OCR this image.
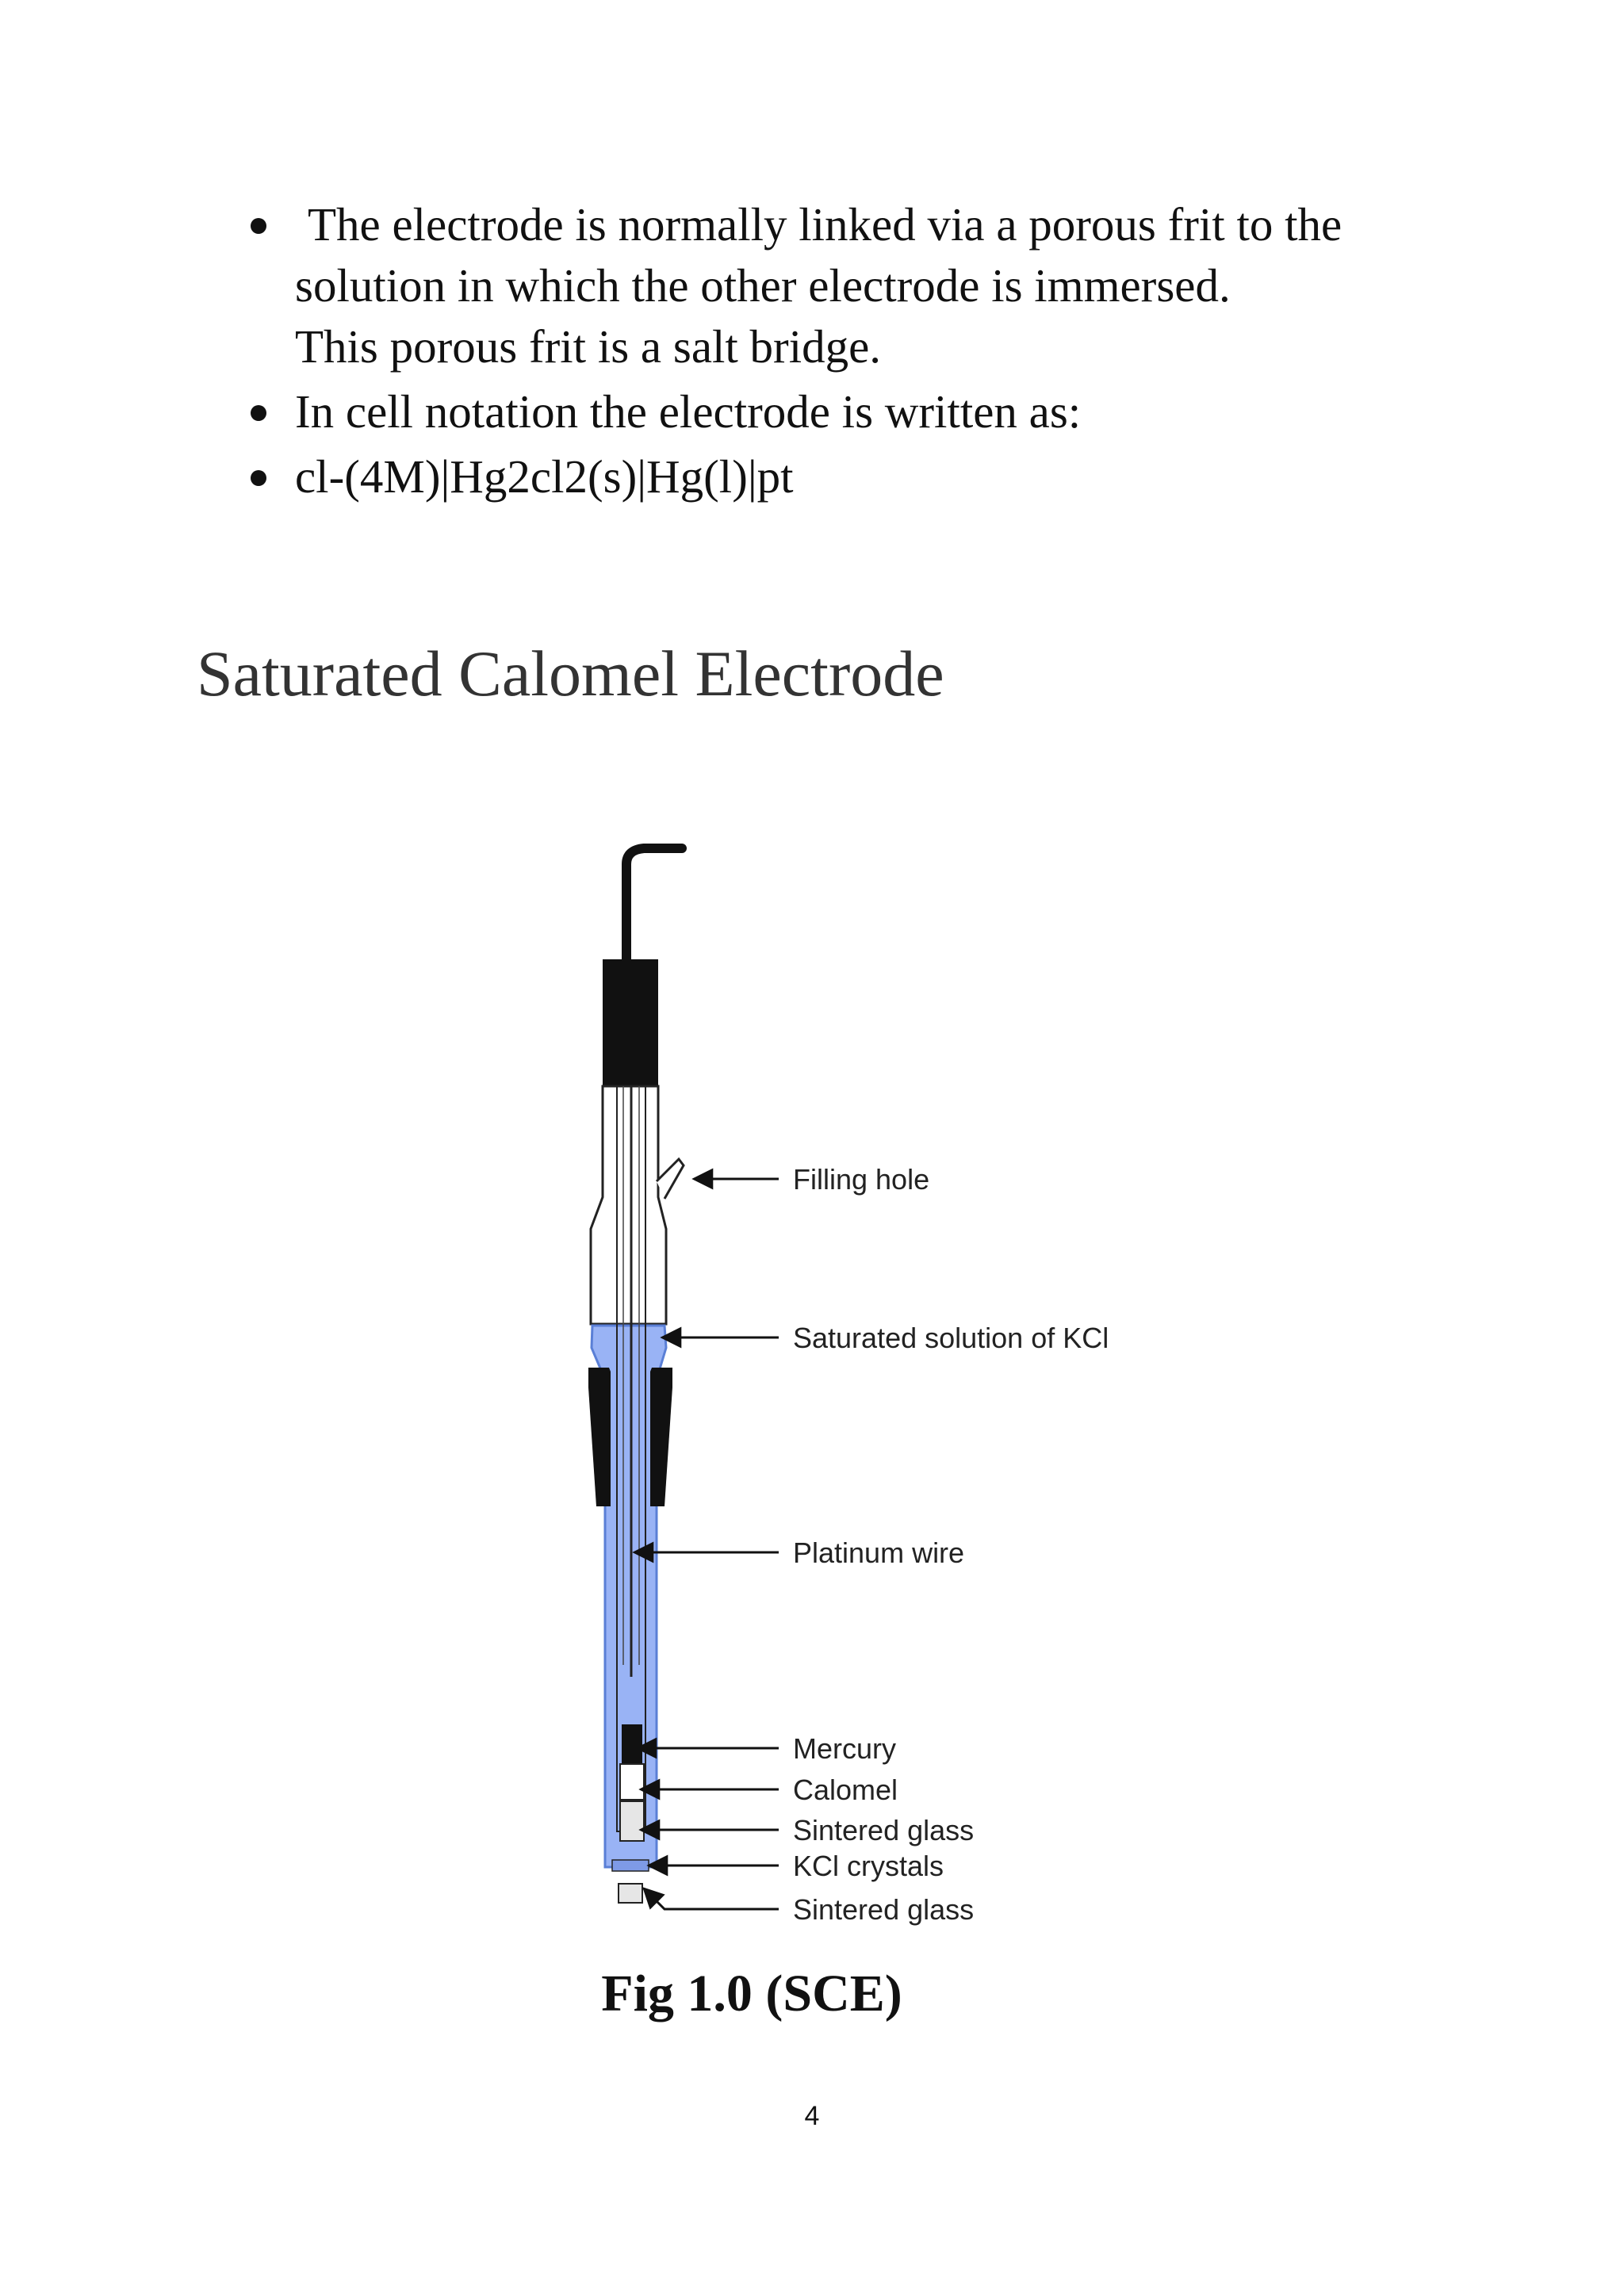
The electrode is normally linked via a porous frit to the
solution in which the other electrode is immersed.
This porous frit is a salt bridge.
In cell notation the electrode is written as:
cl-(4M)|Hg2cl2(s)|Hg(l)|pt
Saturated Calomel Electrode
Filling hole
Saturated solution of KCl
Platinum wire
Mercury
Calomel
Sintered glass
KCl crystals
Sintered glass

Fig 1.0 (SCE)

4
